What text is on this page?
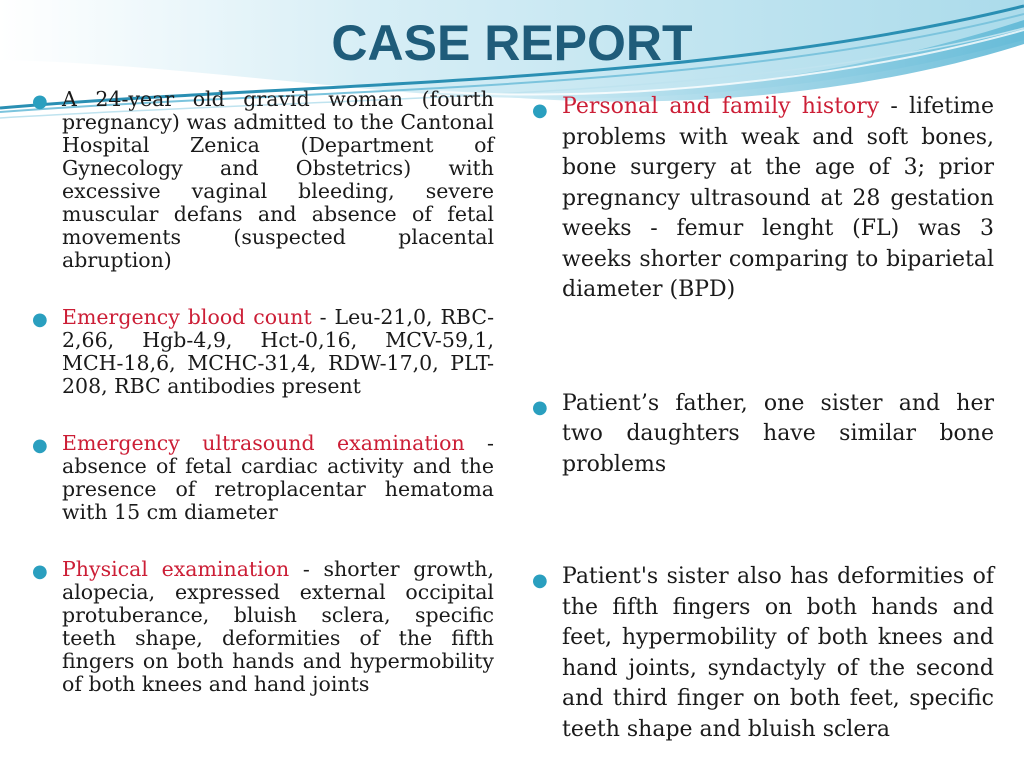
CASE REPORT
● A 24-year old gravid woman (fourth pregnancy) was admitted to the Cantonal Hospital Zenica (Department of Gynecology and Obstetrics) with excessive vaginal bleeding, severe muscular defans and absence of fetal movements (suspected placental abruption)
● Emergency blood count - Leu-21,0, RBC-2,66, Hgb-4,9, Hct-0,16, MCV-59,1, MCH-18,6, MCHC-31,4, RDW-17,0, PLT-208, RBC antibodies present
● Emergency ultrasound examination - absence of fetal cardiac activity and the presence of retroplacentar hematoma with 15 cm diameter
● Physical examination - shorter growth, alopecia, expressed external occipital protuberance, bluish sclera, specific teeth shape, deformities of the fifth fingers on both hands and hypermobility of both knees and hand joints
● Personal and family history - lifetime problems with weak and soft bones, bone surgery at the age of 3; prior pregnancy ultrasound at 28 gestation weeks - femur lenght (FL) was 3 weeks shorter comparing to biparietal diameter (BPD)
● Patient’s father, one sister and her two daughters have similar bone problems
● Patient's sister also has deformities of the fifth fingers on both hands and feet, hypermobility of both knees and hand joints, syndactyly of the second and third finger on both feet, specific teeth shape and bluish sclera
